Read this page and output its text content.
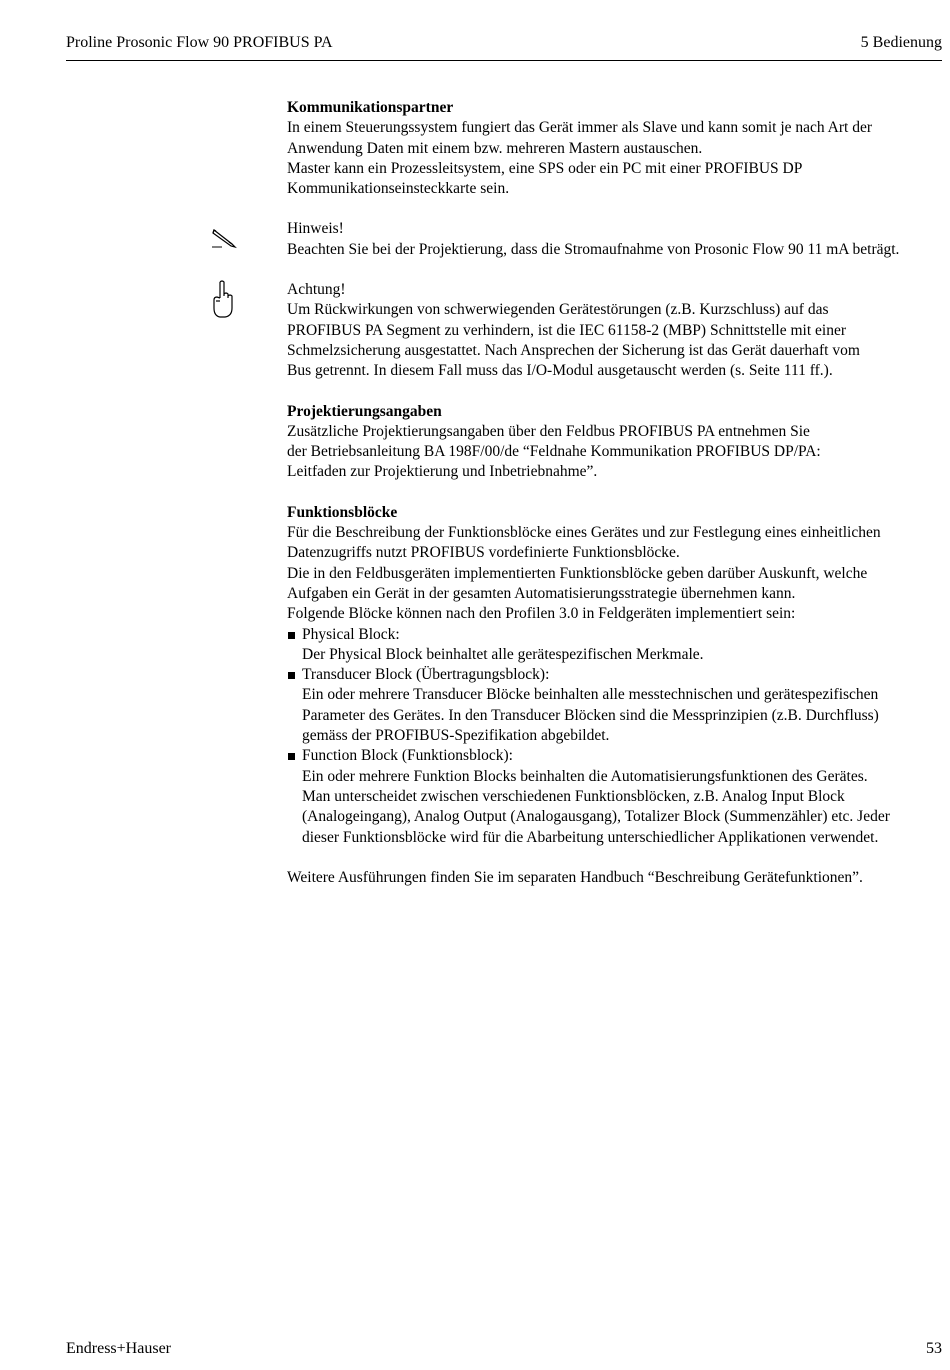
Proline Prosonic Flow 90 PROFIBUS PA	5 Bedienung

Kommunikationspartner

In einem Steuerungssystem fungiert das Gerät immer als Slave und kann somit je nach Art der

Anwendung Daten mit einem bzw. mehreren Mastern austauschen.

Master kann ein Prozessleitsystem, eine SPS oder ein PC mit einer PROFIBUS DP

Kommunikationseinsteckkarte sein.

Hinweis!

Beachten Sie bei der Projektierung, dass die Stromaufnahme von Prosonic Flow 90 11 mA beträgt.

Achtung!

Um Rückwirkungen von schwerwiegenden Gerätestörungen (z.B. Kurzschluss) auf das

PROFIBUS PA Segment zu verhindern, ist die IEC 61158-2 (MBP) Schnittstelle mit einer

Schmelzsicherung ausgestattet. Nach Ansprechen der Sicherung ist das Gerät dauerhaft vom

Bus getrennt. In diesem Fall muss das I/O-Modul ausgetauscht werden (s. Seite 111 ff.).

Projektierungsangaben

Zusätzliche Projektierungsangaben über den Feldbus PROFIBUS PA entnehmen Sie

der Betriebsanleitung BA 198F/00/de “Feldnahe Kommunikation PROFIBUS DP/PA:

Leitfaden zur Projektierung und Inbetriebnahme”.

Funktionsblöcke

Für die Beschreibung der Funktionsblöcke eines Gerätes und zur Festlegung eines einheitlichen

Datenzugriffs nutzt PROFIBUS vordefinierte Funktionsblöcke.

Die in den Feldbusgeräten implementierten Funktionsblöcke geben darüber Auskunft, welche

Aufgaben ein Gerät in der gesamten Automatisierungsstrategie übernehmen kann.

Folgende Blöcke können nach den Profilen 3.0 in Feldgeräten implementiert sein:

Physical Block:

Der Physical Block beinhaltet alle gerätespezifischen Merkmale.

Transducer Block (Übertragungsblock):

Ein oder mehrere Transducer Blöcke beinhalten alle messtechnischen und gerätespezifischen

Parameter des Gerätes. In den Transducer Blöcken sind die Messprinzipien (z.B. Durchfluss)

gemäss der PROFIBUS-Spezifikation abgebildet.

Function Block (Funktionsblock):

Ein oder mehrere Funktion Blocks beinhalten die Automatisierungsfunktionen des Gerätes.

Man unterscheidet zwischen verschiedenen Funktionsblöcken, z.B. Analog Input Block

(Analogeingang), Analog Output (Analogausgang), Totalizer Block (Summenzähler) etc. Jeder

dieser Funktionsblöcke wird für die Abarbeitung unterschiedlicher Applikationen verwendet.

Weitere Ausführungen finden Sie im separaten Handbuch “Beschreibung Gerätefunktionen”.

Endress+Hauser	53
